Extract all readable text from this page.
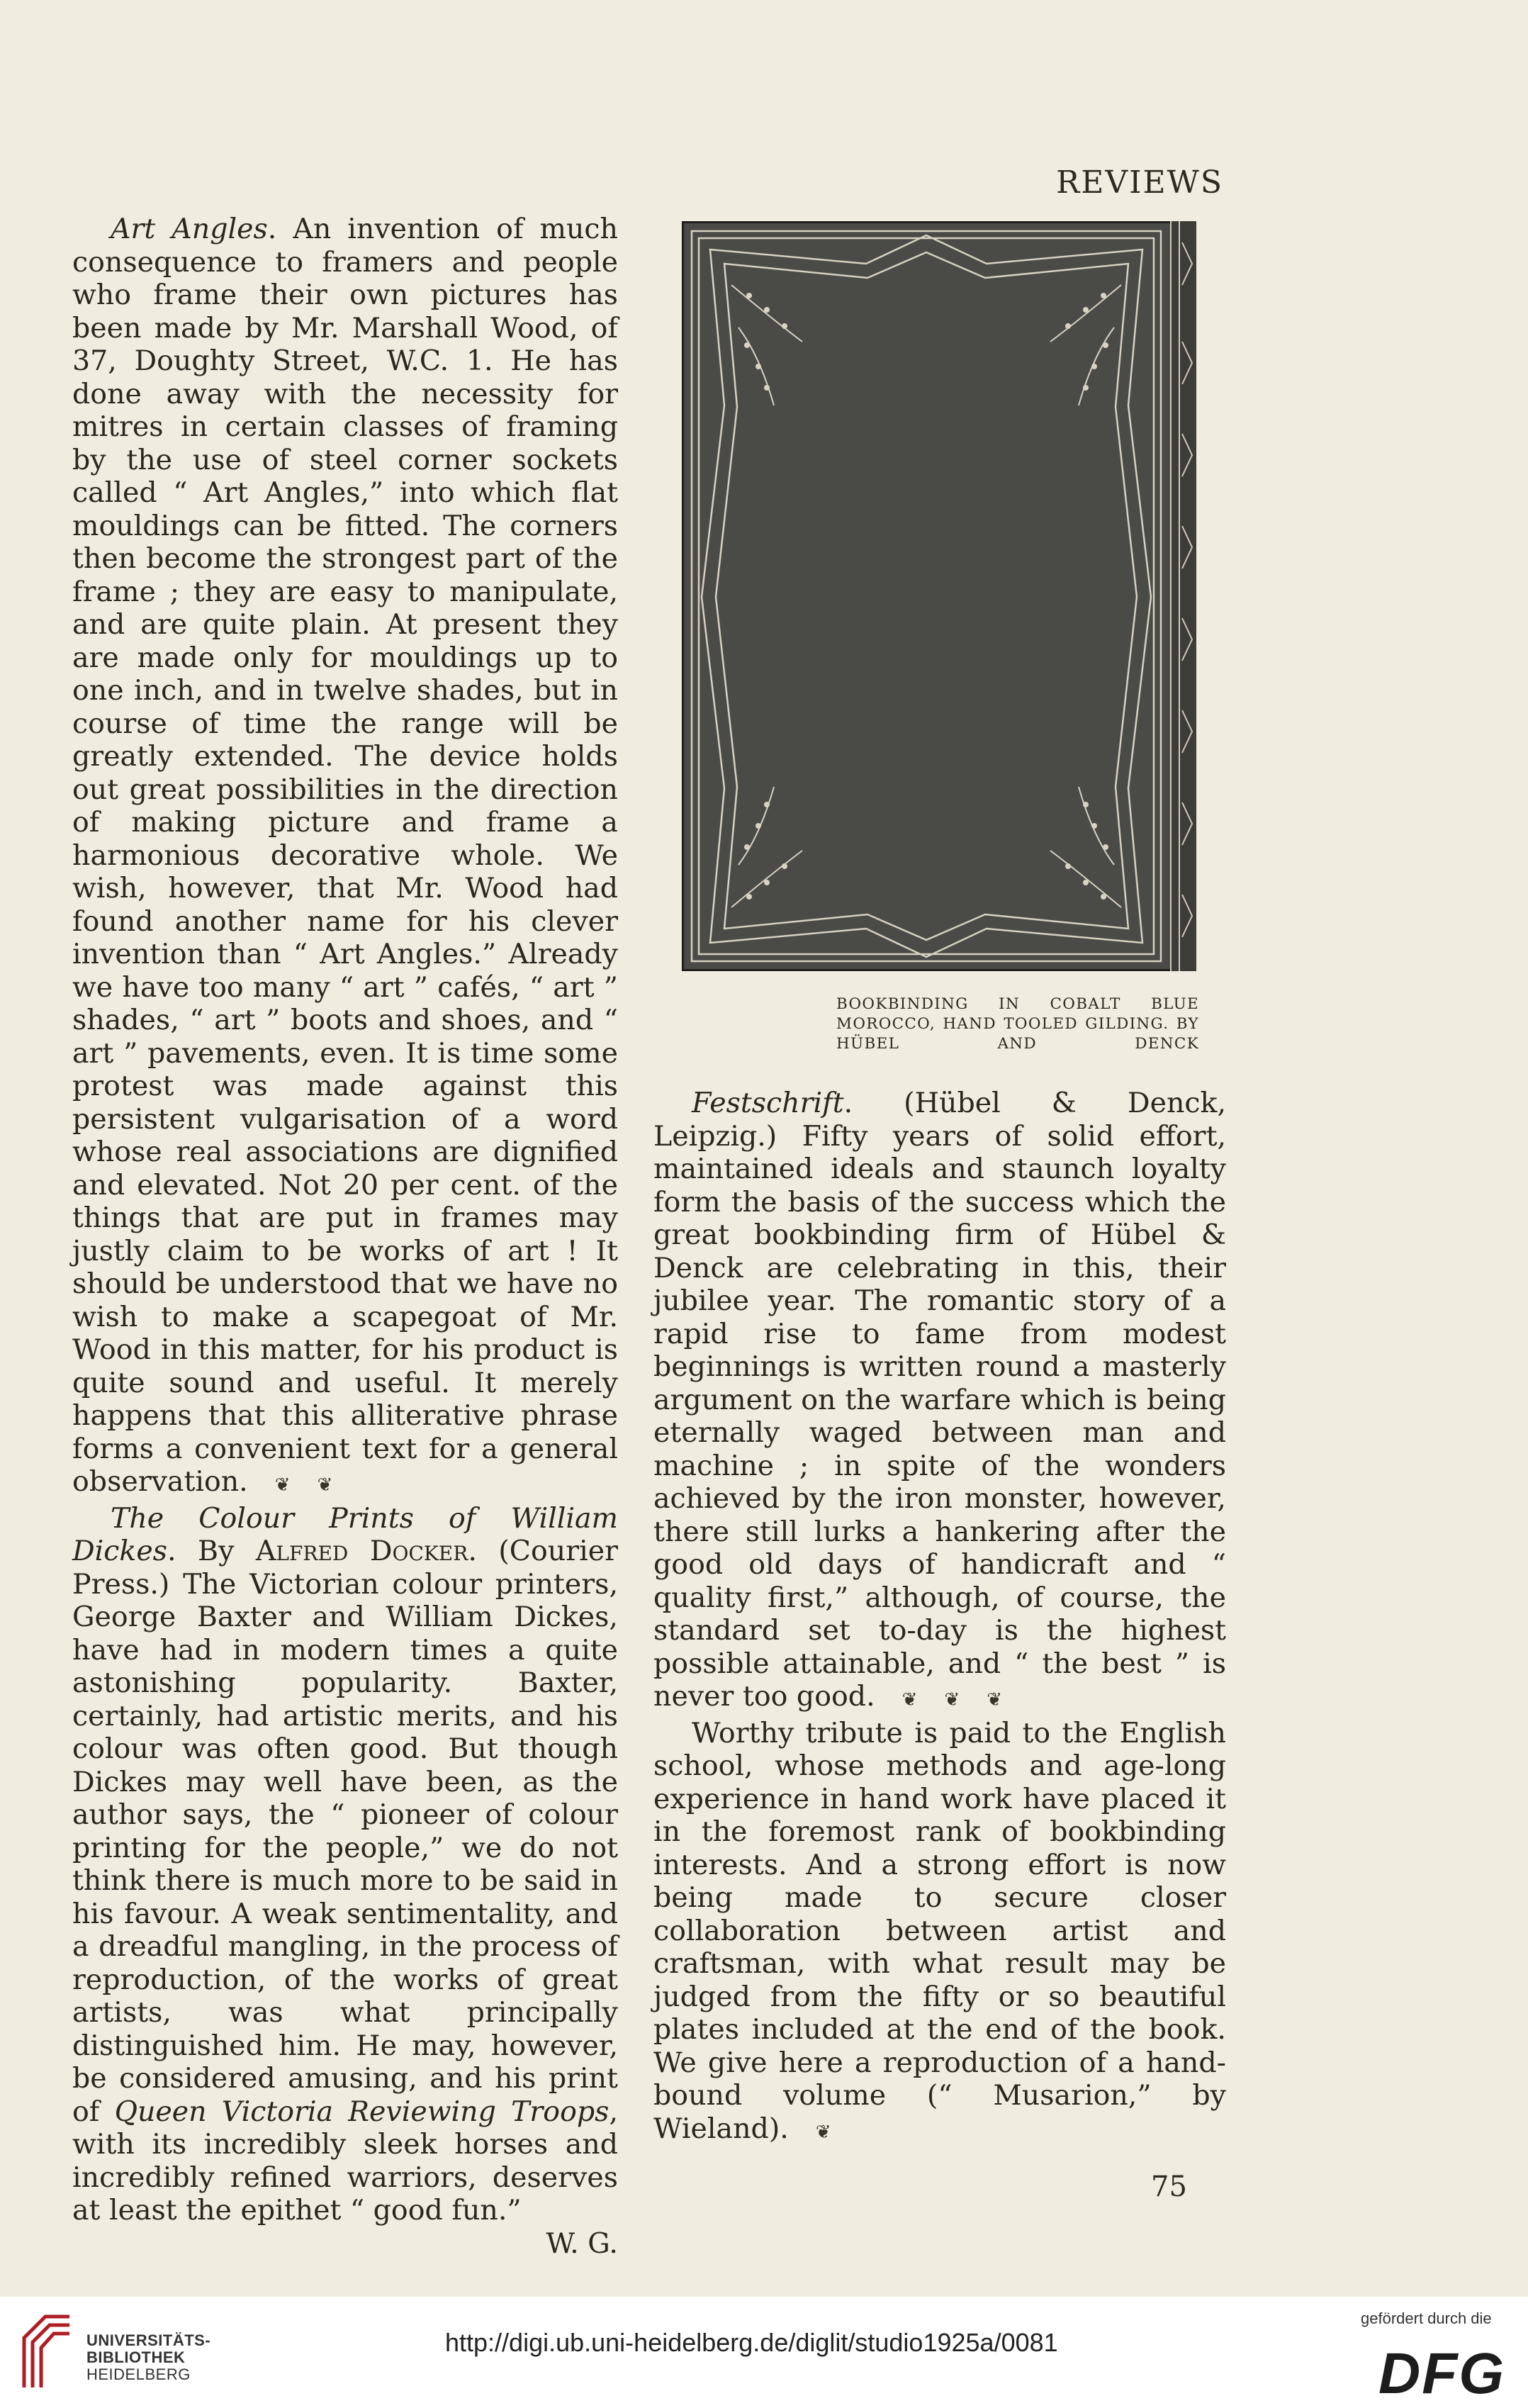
REVIEWS

Art Angles. An invention of much consequence to framers and people who frame their own pictures has been made by Mr. Marshall Wood, of 37, Doughty Street, W.C. 1. He has done away with the necessity for mitres in certain classes of framing by the use of steel corner sockets called “ Art Angles,” into which flat mouldings can be fitted. The corners then become the strongest part of the frame ; they are easy to manipulate, and are quite plain. At present they are made only for mouldings up to one inch, and in twelve shades, but in course of time the range will be greatly extended. The device holds out great possibilities in the direction of making picture and frame a harmonious decorative whole. We wish, however, that Mr. Wood had found another name for his clever invention than “ Art Angles.” Already we have too many “ art ” cafés, “ art ” shades, “ art ” boots and shoes, and “ art ” pavements, even. It is time some protest was made against this persistent vulgarisation of a word whose real associations are dignified and elevated. Not 20 per cent. of the things that are put in frames may justly claim to be works of art ! It should be understood that we have no wish to make a scapegoat of Mr. Wood in this matter, for his product is quite sound and useful. It merely happens that this alliterative phrase forms a convenient text for a general observation. ❦ ❦

The Colour Prints of William Dickes. By Alfred Docker. (Courier Press.) The Victorian colour printers, George Baxter and William Dickes, have had in modern times a quite astonishing popularity. Baxter, certainly, had artistic merits, and his colour was often good. But though Dickes may well have been, as the author says, the “ pioneer of colour printing for the people,” we do not think there is much more to be said in his favour. A weak sentimentality, and a dreadful mangling, in the process of reproduction, of the works of great artists, was what principally distinguished him. He may, however, be considered amusing, and his print of Queen Victoria Reviewing Troops, with its incredibly sleek horses and incredibly refined warriors, deserves at least the epithet “ good fun.”
W. G.

BOOKBINDING IN COBALT BLUE MOROCCO, HAND TOOLED GILDING. BY HÜBEL AND DENCK

Festschrift. (Hübel & Denck, Leipzig.) Fifty years of solid effort, maintained ideals and staunch loyalty form the basis of the success which the great bookbinding firm of Hübel & Denck are celebrating in this, their jubilee year. The romantic story of a rapid rise to fame from modest beginnings is written round a masterly argument on the warfare which is being eternally waged between man and machine ; in spite of the wonders achieved by the iron monster, however, there still lurks a hankering after the good old days of handicraft and “ quality first,” although, of course, the standard set to-day is the highest possible attainable, and “ the best ” is never too good. ❦ ❦ ❦

Worthy tribute is paid to the English school, whose methods and age-long experience in hand work have placed it in the foremost rank of bookbinding interests. And a strong effort is now being made to secure closer collaboration between artist and craftsman, with what result may be judged from the fifty or so beautiful plates included at the end of the book. We give here a reproduction of a hand-bound volume (“ Musarion,” by Wieland). ❦

75
UNIVERSITÄTS-
BIBLIOTHEK
HEIDELBERG
http://digi.ub.uni-heidelberg.de/diglit/studio1925a/0081
gefördert durch die
DFG
